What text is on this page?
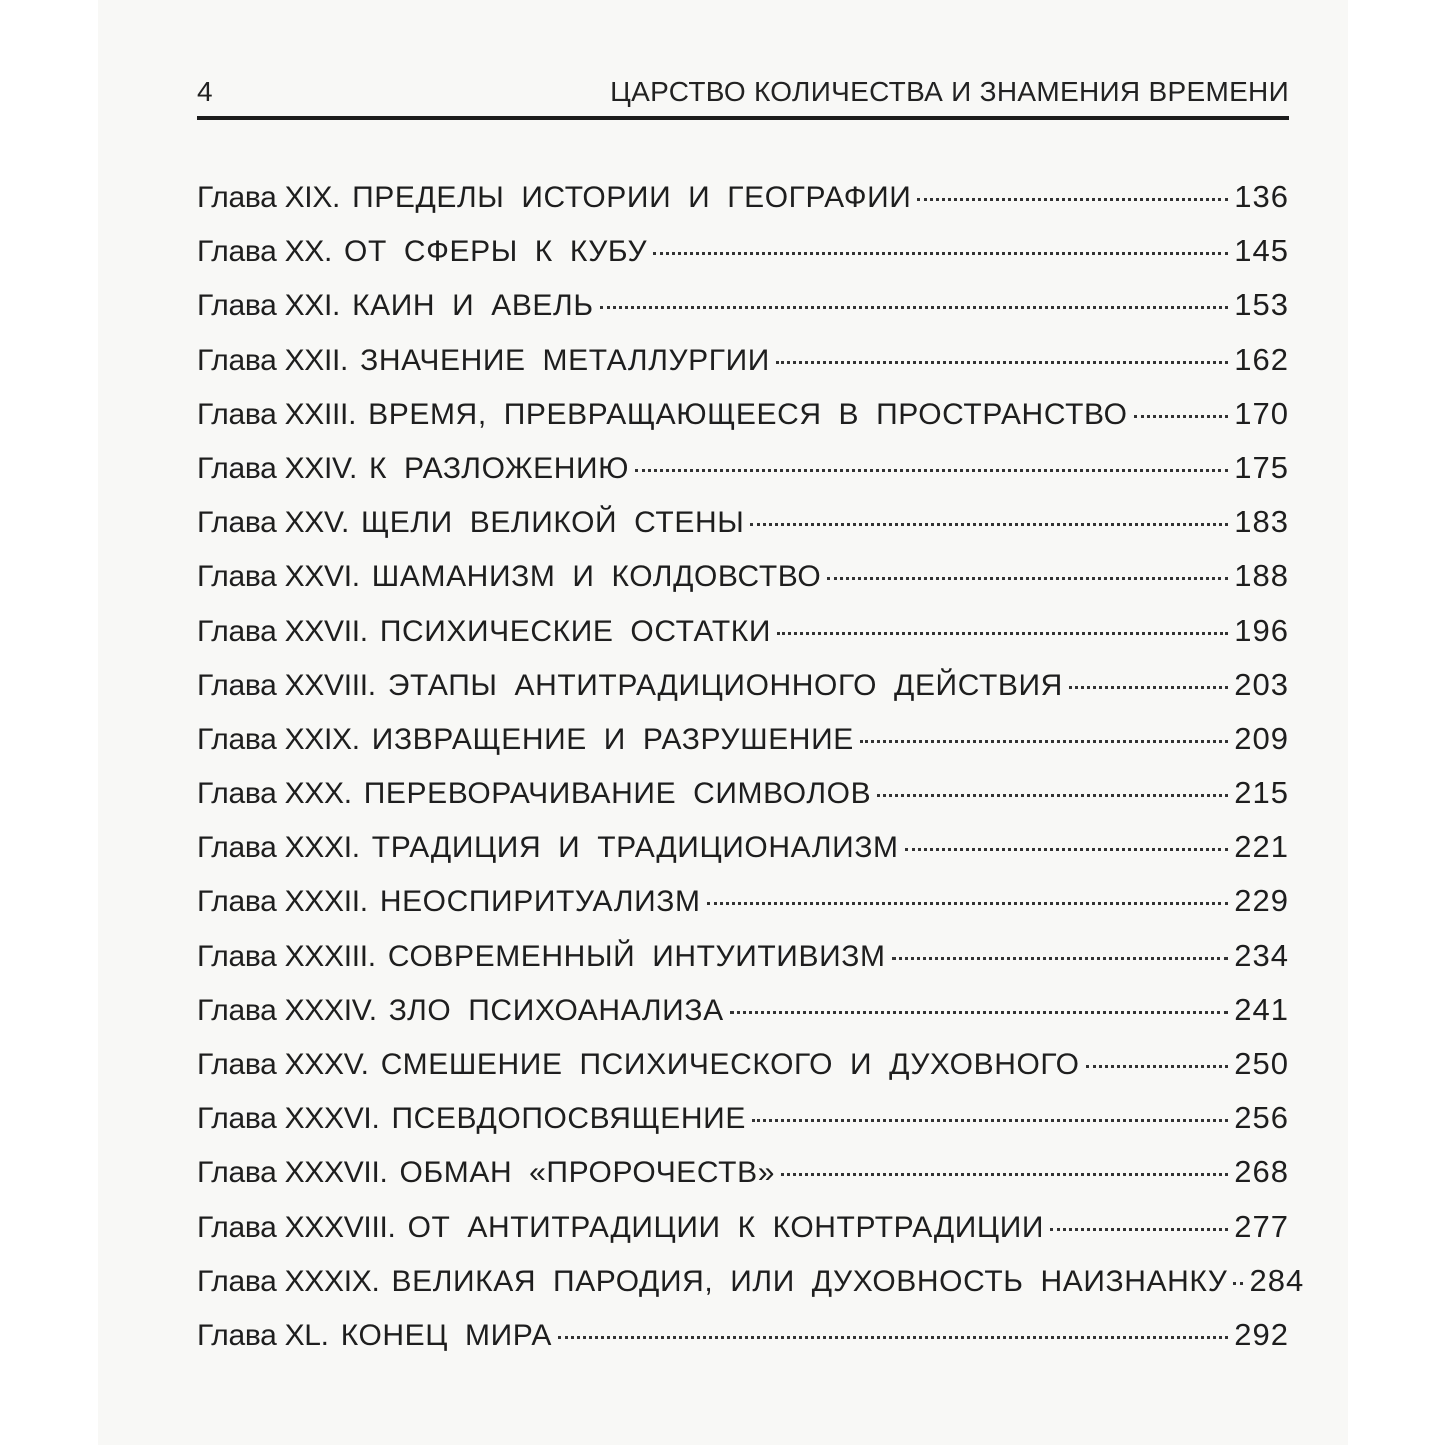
4	ЦАРСТВО КОЛИЧЕСТВА И ЗНАМЕНИЯ ВРЕМЕНИ
Глава XIX. ПРЕДЕЛЫ ИСТОРИИ И ГЕОГРАФИИ	136
Глава XX. ОТ СФЕРЫ К КУБУ	145
Глава XXI. КАИН И АВЕЛЬ	153
Глава XXII. ЗНАЧЕНИЕ МЕТАЛЛУРГИИ	162
Глава XXIII. ВРЕМЯ, ПРЕВРАЩАЮЩЕЕСЯ В ПРОСТРАНСТВО	170
Глава XXIV. К РАЗЛОЖЕНИЮ	175
Глава XXV. ЩЕЛИ ВЕЛИКОЙ СТЕНЫ	183
Глава XXVI. ШАМАНИЗМ И КОЛДОВСТВО	188
Глава XXVII. ПСИХИЧЕСКИЕ ОСТАТКИ	196
Глава XXVIII. ЭТАПЫ АНТИТРАДИЦИОННОГО ДЕЙСТВИЯ	203
Глава XXIX. ИЗВРАЩЕНИЕ И РАЗРУШЕНИЕ	209
Глава XXX. ПЕРЕВОРАЧИВАНИЕ СИМВОЛОВ	215
Глава XXXI. ТРАДИЦИЯ И ТРАДИЦИОНАЛИЗМ	221
Глава XXXII. НЕОСПИРИТУАЛИЗМ	229
Глава XXXIII. СОВРЕМЕННЫЙ ИНТУИТИВИЗМ	234
Глава XXXIV. ЗЛО ПСИХОАНАЛИЗА	241
Глава XXXV. СМЕШЕНИЕ ПСИХИЧЕСКОГО И ДУХОВНОГО	250
Глава XXXVI. ПСЕВДОПОСВЯЩЕНИЕ	256
Глава XXXVII. ОБМАН «ПРОРОЧЕСТВ»	268
Глава XXXVIII. ОТ АНТИТРАДИЦИИ К КОНТРТРАДИЦИИ	277
Глава XXXIX. ВЕЛИКАЯ ПАРОДИЯ, ИЛИ ДУХОВНОСТЬ НАИЗНАНКУ 284
Глава XL. КОНЕЦ МИРА	292
